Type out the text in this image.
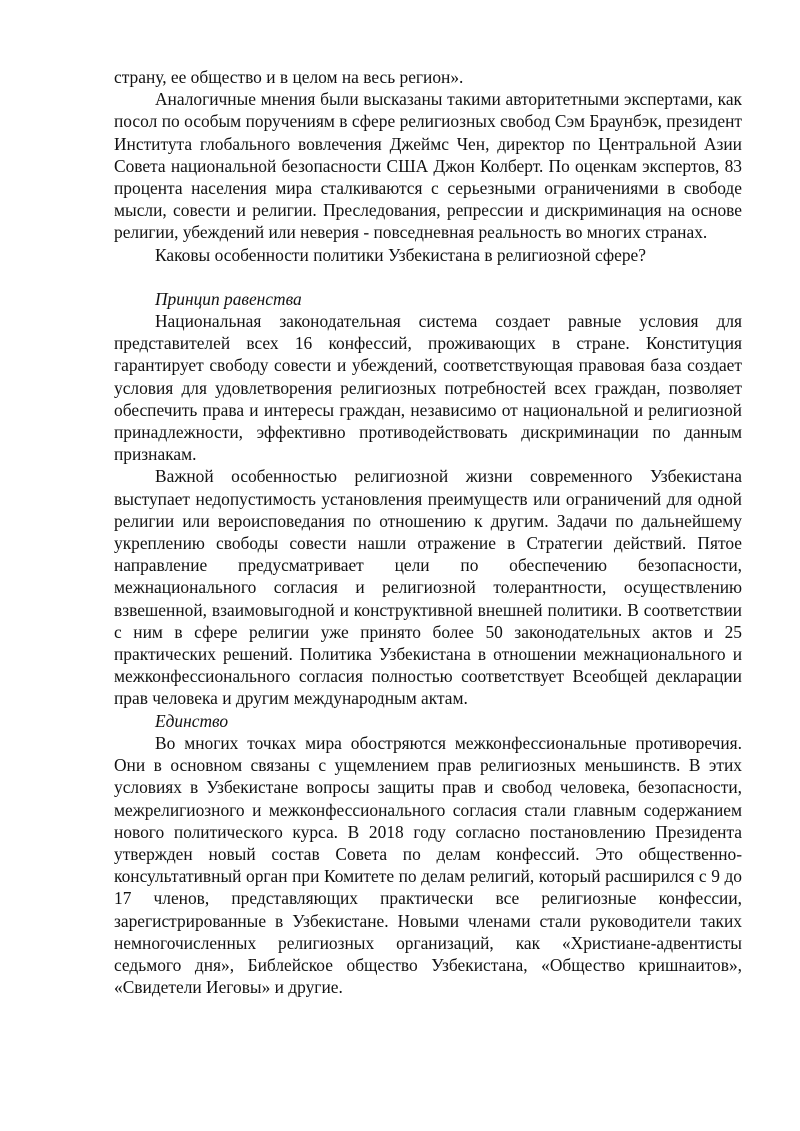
страну, ее общество и в целом на весь регион».

Аналогичные мнения были высказаны такими авторитетными экспертами, как посол по особым поручениям в сфере религиозных свобод Сэм Браунбэк, президент Института глобального вовлечения Джеймс Чен, директор по Центральной Азии Совета национальной безопасности США Джон Колберт. По оценкам экспертов, 83 процента населения мира сталкиваются с серьезными ограничениями в свободе мысли, совести и религии. Преследования, репрессии и дискриминация на основе религии, убеждений или неверия - повседневная реальность во многих странах.

Каковы особенности политики Узбекистана в религиозной сфере?

Принцип равенства

Национальная законодательная система создает равные условия для представителей всех 16 конфессий, проживающих в стране. Конституция гарантирует свободу совести и убеждений, соответствующая правовая база создает условия для удовлетворения религиозных потребностей всех граждан, позволяет обеспечить права и интересы граждан, независимо от национальной и религиозной принадлежности, эффективно противодействовать дискриминации по данным признакам.

Важной особенностью религиозной жизни современного Узбекистана выступает недопустимость установления преимуществ или ограничений для одной религии или вероисповедания по отношению к другим. Задачи по дальнейшему укреплению свободы совести нашли отражение в Стратегии действий. Пятое направление предусматривает цели по обеспечению безопасности, межнационального согласия и религиозной толерантности, осуществлению взвешенной, взаимовыгодной и конструктивной внешней политики. В соответствии с ним в сфере религии уже принято более 50 законодательных актов и 25 практических решений. Политика Узбекистана в отношении межнационального и межконфессионального согласия полностью соответствует Всеобщей декларации прав человека и другим международным актам.

Единство

Во многих точках мира обостряются межконфессиональные противоречия. Они в основном связаны с ущемлением прав религиозных меньшинств. В этих условиях в Узбекистане вопросы защиты прав и свобод человека, безопасности, межрелигиозного и межконфессионального согласия стали главным содержанием нового политического курса. В 2018 году согласно постановлению Президента утвержден новый состав Совета по делам конфессий. Это общественно-консультативный орган при Комитете по делам религий, который расширился с 9 до 17 членов, представляющих практически все религиозные конфессии, зарегистрированные в Узбекистане. Новыми членами стали руководители таких немногочисленных религиозных организаций, как «Христиане-адвентисты седьмого дня», Библейское общество Узбекистана, «Общество кришнаитов», «Свидетели Иеговы» и другие.
